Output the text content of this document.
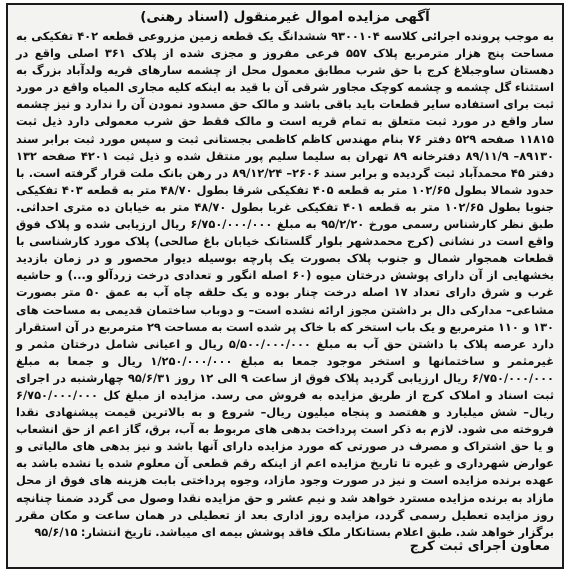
آگهی مزایده اموال غیرمنقول (اسناد رهنی)

به موجب پرونده اجرائی کلاسه ۹۳۰۰۱۰۴ ششدانگ یک قطعه زمین مزروعی قطعه ۴۰۲ تفکیکی به مساحت پنج هزار مترمربع پلاک ۵۵۷ فرعی مفروز و مجزی شده از پلاک ۳۶۱ اصلی واقع در دهستان ساوجبلاغ کرج با حق شرب مطابق معمول محل از چشمه سارهای قریه ولدآباد بزرگ به استثناء گل چشمه و چشمه کوچک مجاور شرقی آن با قید به اینکه کلیه مجاری المیاه واقع در مورد ثبت برای استفاده سایر قطعات باید باقی باشد و مالک حق مسدود نمودن آن را ندارد و نیز چشمه سار واقع در مورد ثبت متعلق به تمام قریه است و مالک فقط حق شرب معمولی دارد ذیل ثبت ۱۱۸۱۵ صفحه ۵۲۹ دفتر ۷۶ بنام مهندس کاظم کاظمی بجستانی ثبت و سپس مورد ثبت برابر سند ۸۹۱۳۰– ۸۹/۱۱/۹ دفترخانه ۸۹ تهران به سلیما سلیم پور منتقل شده و ذیل ثبت ۴۲۰۱ صفحه ۱۳۲ دفتر ۴۵ محمدآباد ثبت گردیده و برابر سند ۲۶۰۶– ۸۹/۱۲/۲۴ در رهن بانک ملت قرار گرفته است. با حدود شمالا بطول ۱۰۲/۶۵ متر به قطعه ۴۰۵ تفکیکی شرقا بطول ۴۸/۷۰ متر به قطعه ۴۰۳ تفکیکی جنوبا بطول ۱۰۲/۶۵ متر به قطعه ۴۰۱ تفکیکی غربا بطول ۴۸/۷۰ متر به خیابان ده متری احداثی. طبق نظر کارشناس رسمی مورخ ۹۵/۲/۲۰ به مبلغ ۶/۷۵۰/۰۰۰/۰۰۰ ریال ارزیابی شده و پلاک فوق واقع است در نشانی (کرج محمدشهر بلوار گلستانک خیابان باغ صالحی) پلاک مورد کارشناسی با قطعات همجوار شمال و جنوب پلاک بصورت یک پارچه بوسیله دیوار محصور و در زمان بازدید بخشهایی از آن دارای پوشش درختان میوه (۶۰ اصله انگور و تعدادی درخت زردآلو و...) و حاشیه غرب و شرق دارای تعداد ۱۷ اصله درخت چنار بوده و یک حلقه چاه آب به عمق ۵۰ متر بصورت مشاعی– مدارکی دال بر داشتن مجوز ارائه نشده است– و دوباب ساختمان قدیمی به مساحت های ۱۳۰ و ۱۱۰ مترمربع و یک باب استخر که با خاک پر شده است به مساحت ۲۹ مترمربع در آن استقرار دارد عرصه پلاک با داشتن حق آب به مبلغ ۵/۵۰۰/۰۰۰/۰۰۰ ریال و اعیانی شامل درختان مثمر و غیرمثمر و ساختمانها و استخر موجود جمعا به مبلغ ۱/۲۵۰/۰۰۰/۰۰۰ ریال و جمعا به مبلغ ۶/۷۵۰/۰۰۰/۰۰۰ ریال ارزیابی گردید پلاک فوق از ساعت ۹ الی ۱۲ روز ۹۵/۶/۳۱ چهارشنبه در اجرای ثبت اسناد و املاک کرج از طریق مزایده به فروش می رسد. مزایده از مبلغ کل ۶/۷۵۰/۰۰۰/۰۰۰ ریال– شش میلیارد و هفتصد و پنجاه میلیون ریال– شروع و به بالاترین قیمت پیشنهادی نقدا فروخته می شود. لازم به ذکر است پرداخت بدهی های مربوط به آب، برق، گاز اعم از حق انشعاب و یا حق اشتراک و مصرف در صورتی که مورد مزایده دارای آنها باشد و نیز بدهی های مالیاتی و عوارض شهرداری و غیره تا تاریخ مزایده اعم از اینکه رقم قطعی آن معلوم شده یا نشده باشد به عهده برنده مزایده است و نیز در صورت وجود مازاد، وجوه پرداختی بابت هزینه های فوق از محل مازاد به برنده مزایده مسترد خواهد شد و نیم عشر و حق مزایده نقدا وصول می گردد ضمنا چنانچه روز مزایده تعطیل رسمی گردد، مزایده روز اداری بعد از تعطیلی در همان ساعت و مکان مقرر برگزار خواهد شد. طبق اعلام بستانکار ملک فاقد پوشش بیمه ای میباشد. تاریخ انتشار: ۹۵/۶/۱۵

معاون اجرای ثبت کرج
